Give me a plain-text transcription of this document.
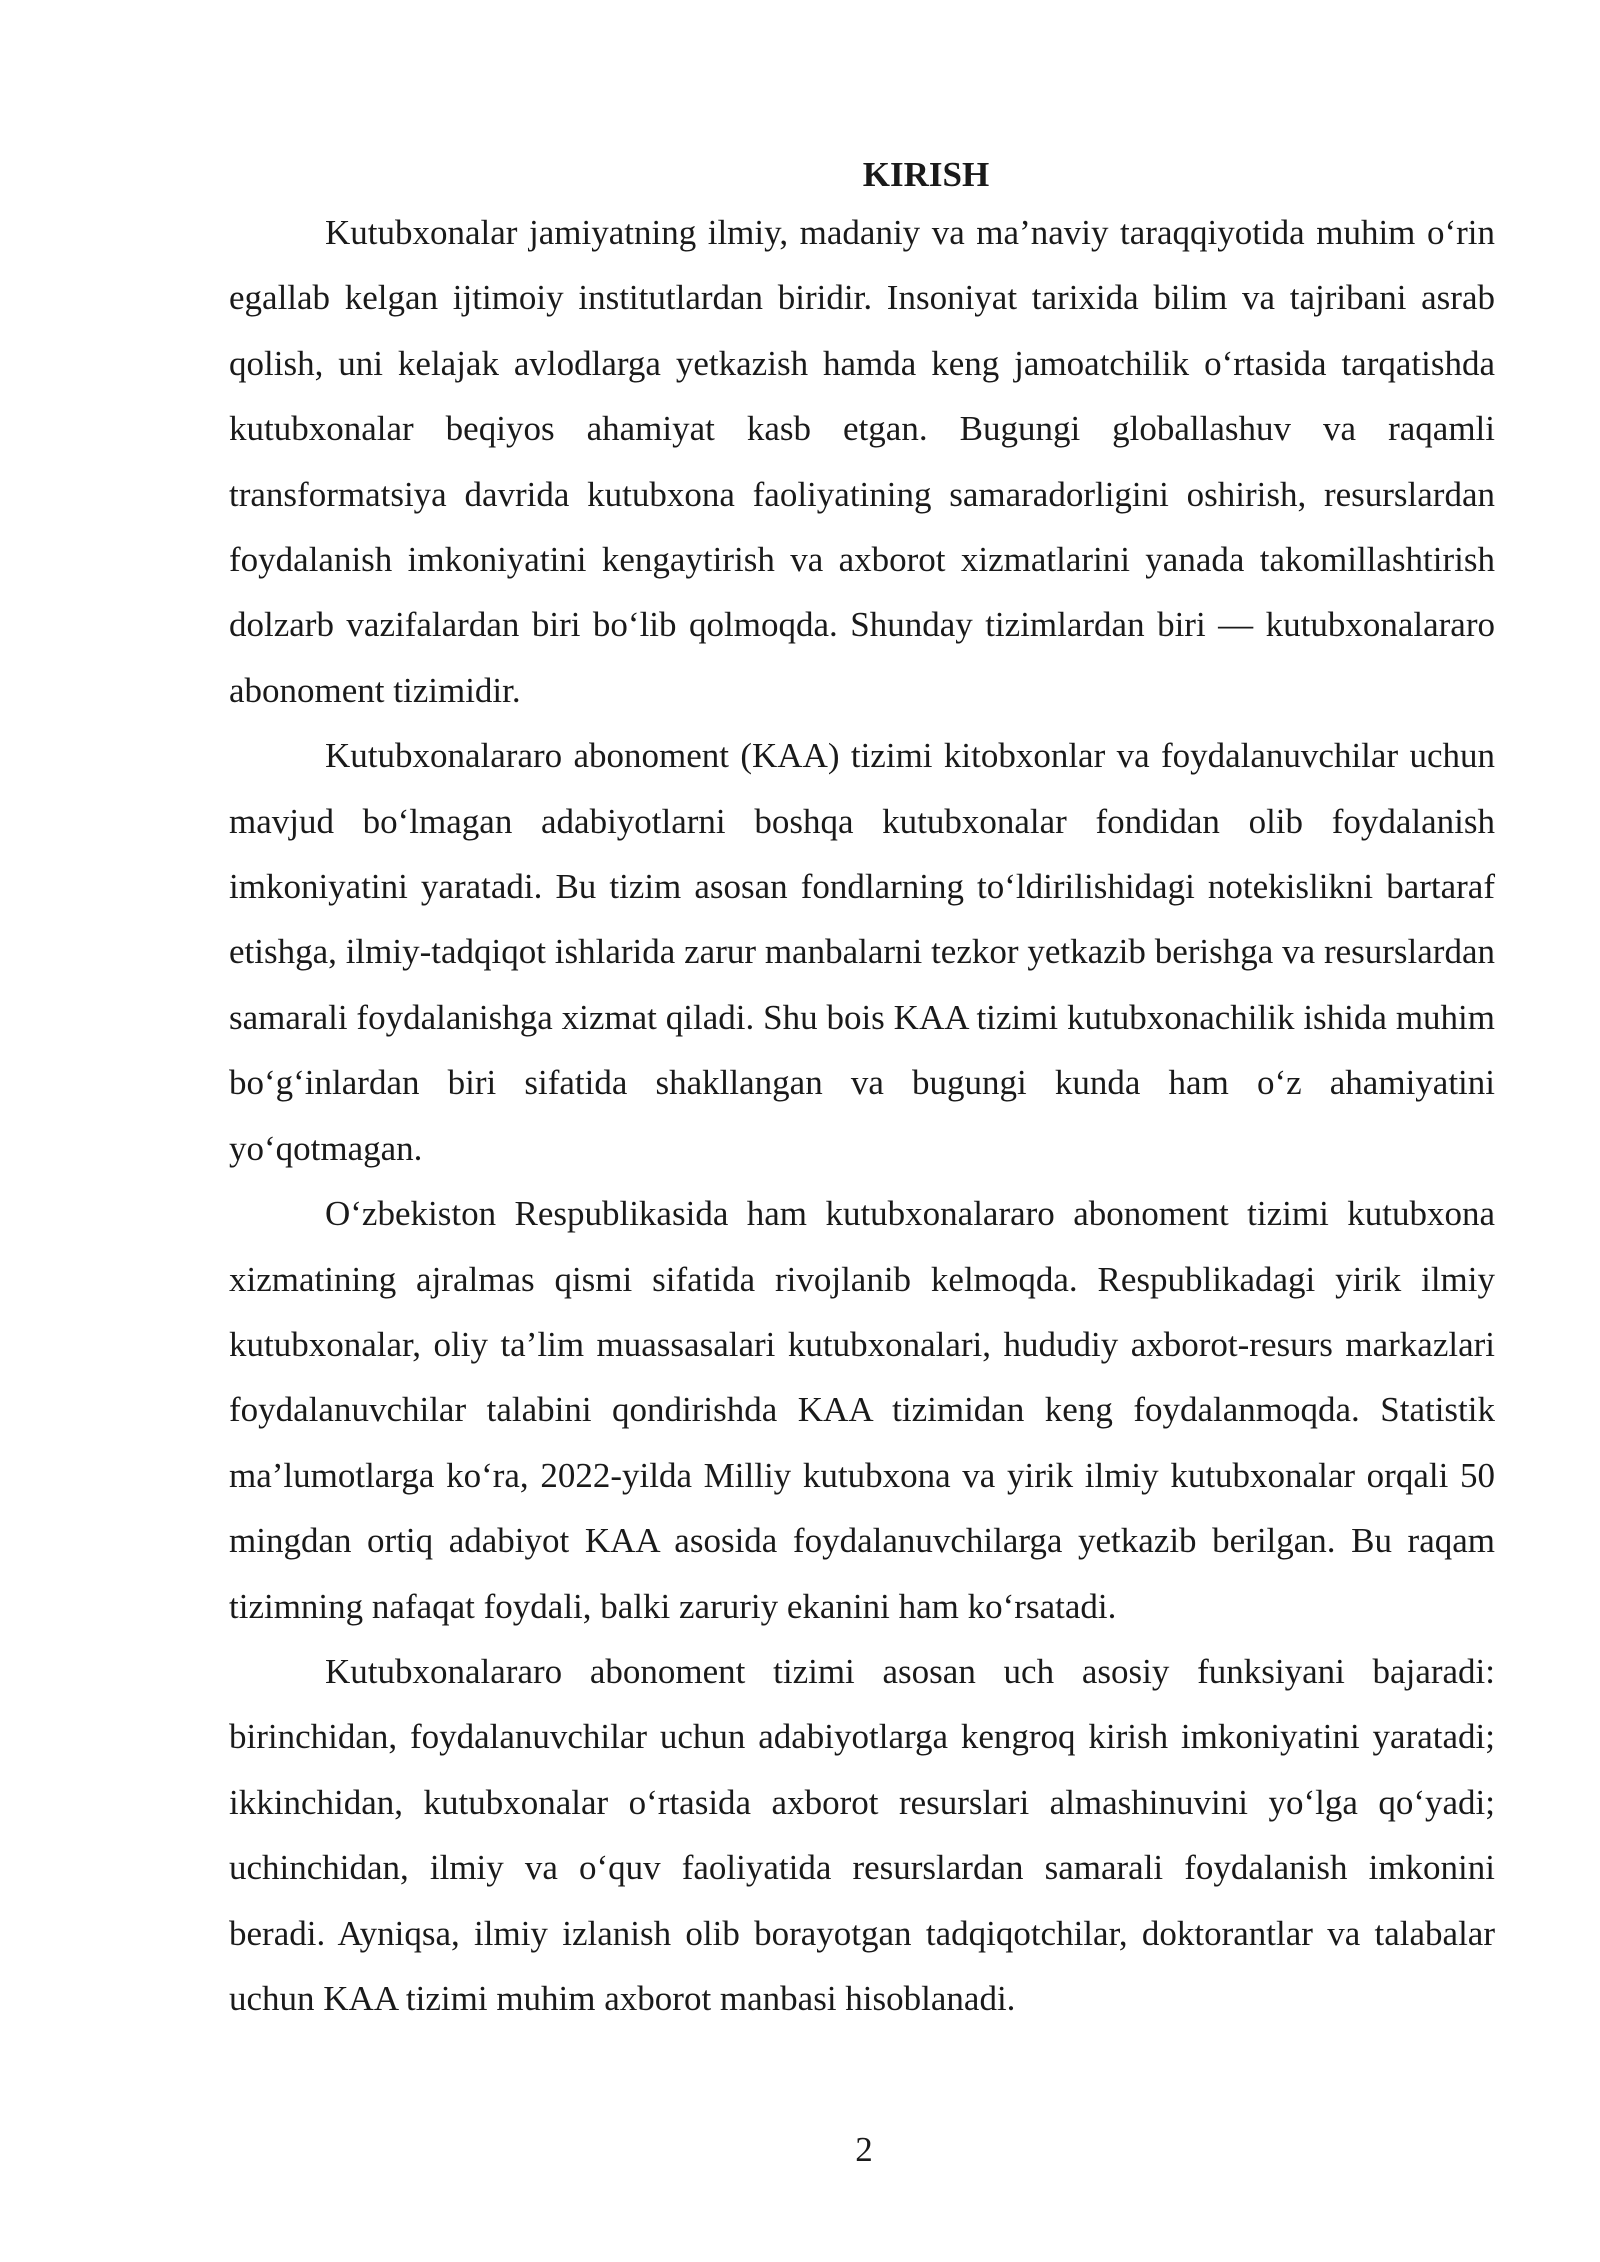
KIRISH

Kutubxonalar jamiyatning ilmiy, madaniy va ma’naviy taraqqiyotida muhim o‘rin egallab kelgan ijtimoiy institutlardan biridir. Insoniyat tarixida bilim va tajribani asrab qolish, uni kelajak avlodlarga yetkazish hamda keng jamoatchilik o‘rtasida tarqatishda kutubxonalar beqiyos ahamiyat kasb etgan. Bugungi globallashuv va raqamli transformatsiya davrida kutubxona faoliyatining samaradorligini oshirish, resurslardan foydalanish imkoniyatini kengaytirish va axborot xizmatlarini yanada takomillashtirish dolzarb vazifalardan biri bo‘lib qolmoqda. Shunday tizimlardan biri — kutubxonalararo abonoment tizimidir.

Kutubxonalararo abonoment (KAA) tizimi kitobxonlar va foydalanuvchilar uchun mavjud bo‘lmagan adabiyotlarni boshqa kutubxonalar fondidan olib foydalanish imkoniyatini yaratadi. Bu tizim asosan fondlarning to‘ldirilishidagi notekislikni bartaraf etishga, ilmiy-tadqiqot ishlarida zarur manbalarni tezkor yetkazib berishga va resurslardan samarali foydalanishga xizmat qiladi. Shu bois KAA tizimi kutubxonachilik ishida muhim bo‘g‘inlardan biri sifatida shakllangan va bugungi kunda ham o‘z ahamiyatini yo‘qotmagan.

O‘zbekiston Respublikasida ham kutubxonalararo abonoment tizimi kutubxona xizmatining ajralmas qismi sifatida rivojlanib kelmoqda. Respublikadagi yirik ilmiy kutubxonalar, oliy ta’lim muassasalari kutubxonalari, hududiy axborot-resurs markazlari foydalanuvchilar talabini qondirishda KAA tizimidan keng foydalanmoqda. Statistik ma’lumotlarga ko‘ra, 2022-yilda Milliy kutubxona va yirik ilmiy kutubxonalar orqali 50 mingdan ortiq adabiyot KAA asosida foydalanuvchilarga yetkazib berilgan. Bu raqam tizimning nafaqat foydali, balki zaruriy ekanini ham ko‘rsatadi.

Kutubxonalararo abonoment tizimi asosan uch asosiy funksiyani bajaradi: birinchidan, foydalanuvchilar uchun adabiyotlarga kengroq kirish imkoniyatini yaratadi; ikkinchidan, kutubxonalar o‘rtasida axborot resurslari almashinuvini yo‘lga qo‘yadi; uchinchidan, ilmiy va o‘quv faoliyatida resurslardan samarali foydalanish imkonini beradi. Ayniqsa, ilmiy izlanish olib borayotgan tadqiqotchilar, doktorantlar va talabalar uchun KAA tizimi muhim axborot manbasi hisoblanadi.

2
